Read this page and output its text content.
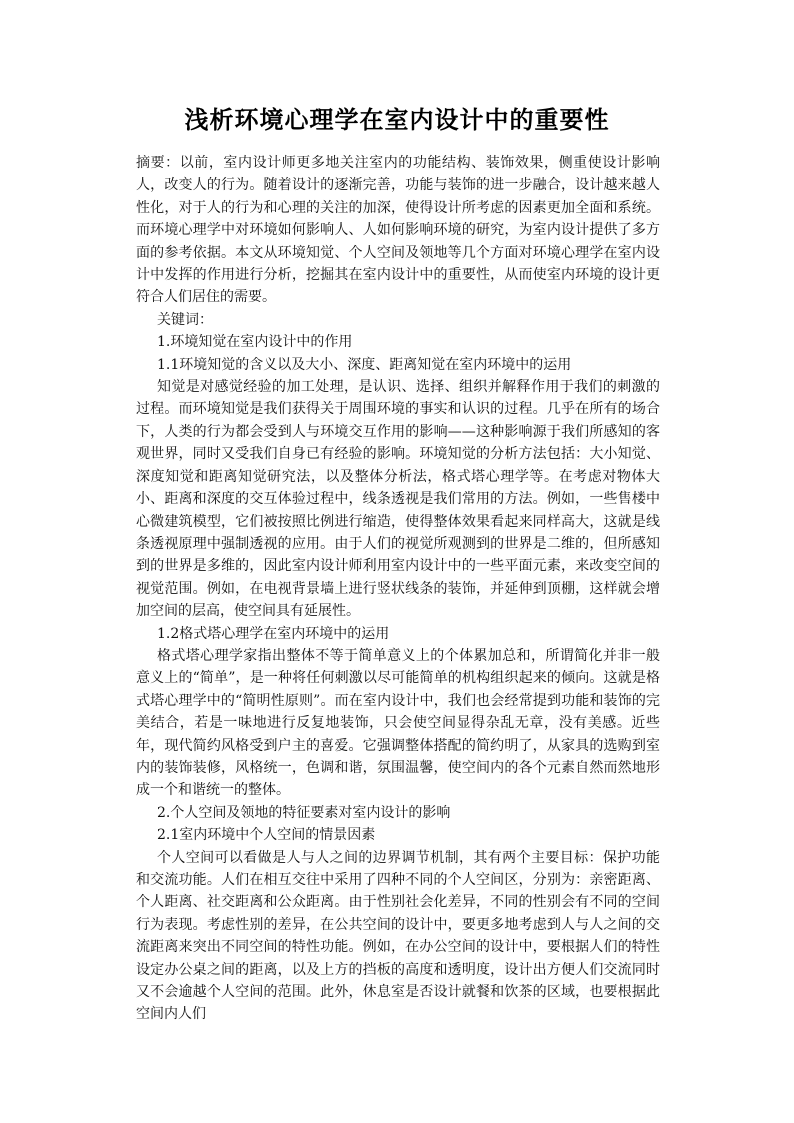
浅析环境心理学在室内设计中的重要性

摘要：以前，室内设计师更多地关注室内的功能结构、装饰效果，侧重使设计影响人，改变人的行为。随着设计的逐渐完善，功能与装饰的进一步融合，设计越来越人性化，对于人的行为和心理的关注的加深，使得设计所考虑的因素更加全面和系统。而环境心理学中对环境如何影响人、人如何影响环境的研究，为室内设计提供了多方面的参考依据。本文从环境知觉、个人空间及领地等几个方面对环境心理学在室内设计中发挥的作用进行分析，挖掘其在室内设计中的重要性，从而使室内环境的设计更符合人们居住的需要。

关键词：

1.环境知觉在室内设计中的作用

1.1环境知觉的含义以及大小、深度、距离知觉在室内环境中的运用

知觉是对感觉经验的加工处理，是认识、选择、组织并解释作用于我们的刺激的过程。而环境知觉是我们获得关于周围环境的事实和认识的过程。几乎在所有的场合下，人类的行为都会受到人与环境交互作用的影响——这种影响源于我们所感知的客观世界，同时又受我们自身已有经验的影响。环境知觉的分析方法包括：大小知觉、深度知觉和距离知觉研究法，以及整体分析法，格式塔心理学等。在考虑对物体大小、距离和深度的交互体验过程中，线条透视是我们常用的方法。例如，一些售楼中心微建筑模型，它们被按照比例进行缩造，使得整体效果看起来同样高大，这就是线条透视原理中强制透视的应用。由于人们的视觉所观测到的世界是二维的，但所感知到的世界是多维的，因此室内设计师利用室内设计中的一些平面元素，来改变空间的视觉范围。例如，在电视背景墙上进行竖状线条的装饰，并延伸到顶棚，这样就会增加空间的层高，使空间具有延展性。

1.2格式塔心理学在室内环境中的运用

格式塔心理学家指出整体不等于简单意义上的个体累加总和，所谓简化并非一般意义上的“简单”，是一种将任何刺激以尽可能简单的机构组织起来的倾向。这就是格式塔心理学中的“简明性原则”。而在室内设计中，我们也会经常提到功能和装饰的完美结合，若是一味地进行反复地装饰，只会使空间显得杂乱无章，没有美感。近些年，现代简约风格受到户主的喜爱。它强调整体搭配的简约明了，从家具的选购到室内的装饰装修，风格统一，色调和谐，氛围温馨，使空间内的各个元素自然而然地形成一个和谐统一的整体。

2.个人空间及领地的特征要素对室内设计的影响

2.1室内环境中个人空间的情景因素

个人空间可以看做是人与人之间的边界调节机制，其有两个主要目标：保护功能和交流功能。人们在相互交往中采用了四种不同的个人空间区，分别为：亲密距离、个人距离、社交距离和公众距离。由于性别社会化差异，不同的性别会有不同的空间行为表现。考虑性别的差异，在公共空间的设计中，要更多地考虑到人与人之间的交流距离来突出不同空间的特性功能。例如，在办公空间的设计中，要根据人们的特性设定办公桌之间的距离，以及上方的挡板的高度和透明度，设计出方便人们交流同时又不会逾越个人空间的范围。此外，休息室是否设计就餐和饮茶的区域，也要根据此空间内人们
